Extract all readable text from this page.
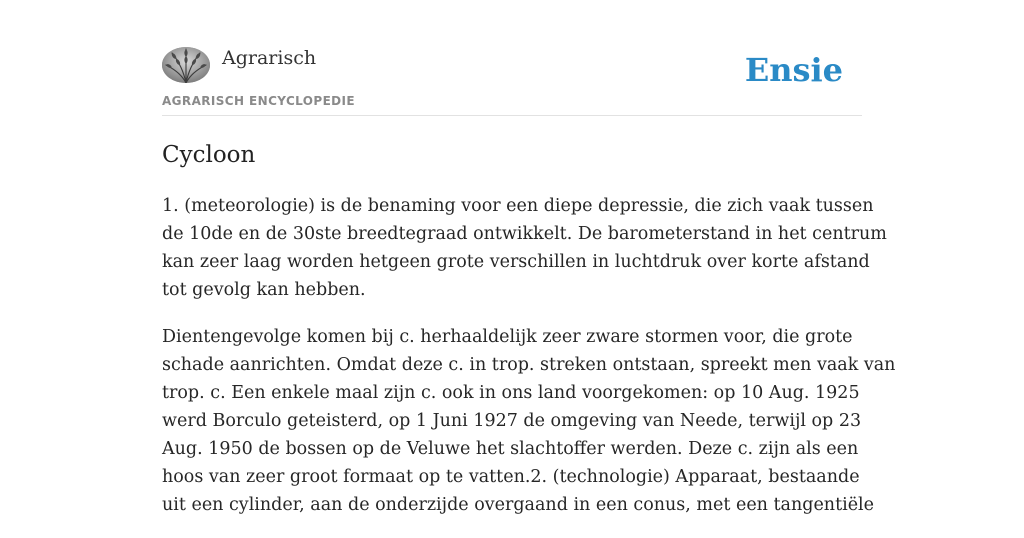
Agrarisch
AGRARISCH ENCYCLOPEDIE
Ensie
Cycloon

1. (meteorologie) is de benaming voor een diepe depressie, die zich vaak tussen
de 10de en de 30ste breedtegraad ontwikkelt. De barometerstand in het centrum
kan zeer laag worden hetgeen grote verschillen in luchtdruk over korte afstand
tot gevolg kan hebben.

Dientengevolge komen bij c. herhaaldelijk zeer zware stormen voor, die grote
schade aanrichten. Omdat deze c. in trop. streken ontstaan, spreekt men vaak van
trop. c. Een enkele maal zijn c. ook in ons land voorgekomen: op 10 Aug. 1925
werd Borculo geteisterd, op 1 Juni 1927 de omgeving van Neede, terwijl op 23
Aug. 1950 de bossen op de Veluwe het slachtoffer werden. Deze c. zijn als een
hoos van zeer groot formaat op te vatten.2. (technologie) Apparaat, bestaande
uit een cylinder, aan de onderzijde overgaand in een conus, met een tangentiële
